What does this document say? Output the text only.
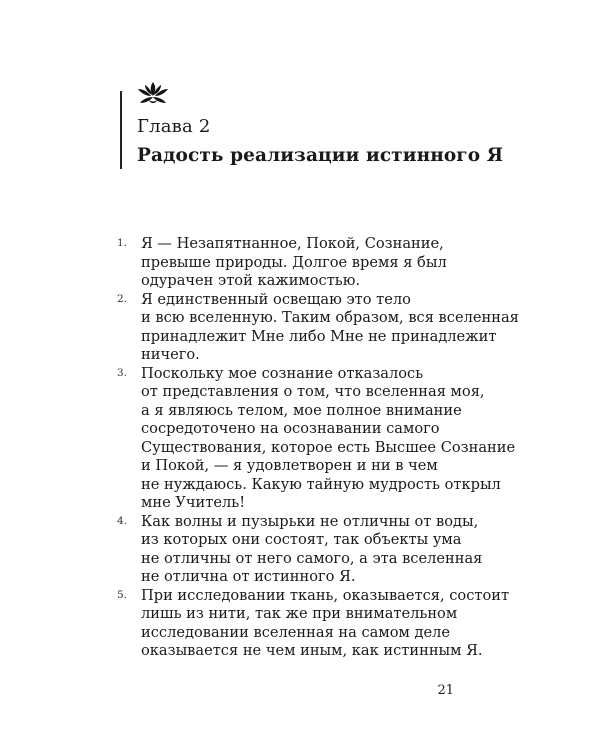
Глава 2
Радость реализации истинного Я
1. Я — Незапятнанное, Покой, Сознание,
превыше природы. Долгое время я был
одурачен этой кажимостью.
2. Я единственный освещаю это тело
и всю вселенную. Таким образом, вся вселенная
принадлежит Мне либо Мне не принадлежит
ничего.
3. Поскольку мое сознание отказалось
от представления о том, что вселенная моя,
а я являюсь телом, мое полное внимание
сосредоточено на осознавании самого
Существования, которое есть Высшее Сознание
и Покой, — я удовлетворен и ни в чем
не нуждаюсь. Какую тайную мудрость открыл
мне Учитель!
4. Как волны и пузырьки не отличны от воды,
из которых они состоят, так объекты ума
не отличны от него самого, а эта вселенная
не отлична от истинного Я.
5. При исследовании ткань, оказывается, состоит
лишь из нити, так же при внимательном
исследовании вселенная на самом деле
оказывается не чем иным, как истинным Я.
21
